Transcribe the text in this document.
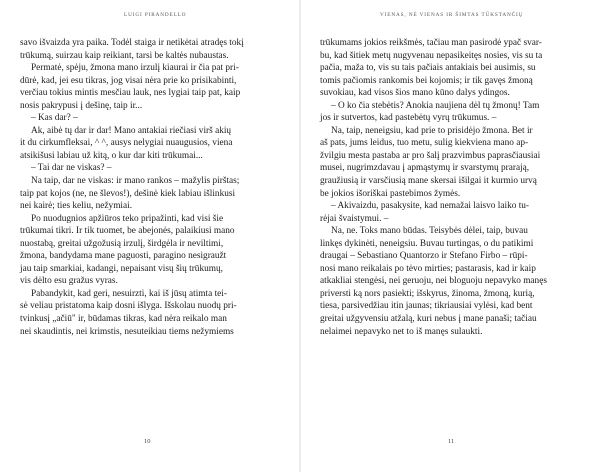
LUIGI PIRANDELLO
savo išvaizda yra paika. Todėl staiga ir netikėtai atradęs tokį
trūkumą, suirzau kaip reikiant, tarsi be kaltės nubaustas.
Permatė, spėju, žmona mano irzulį kiaurai ir čia pat pri-
dūrė, kad, jei esu tikras, jog visai nėra prie ko prisikabinti,
verčiau tokius mintis mesčiau lauk, nes lygiai taip pat, kaip
nosis pakrypusi į dešinę, taip ir...
– Kas dar? –
Ak, aibė tų dar ir dar! Mano antakiai riečiasi virš akių
it du cirkumfleksai, ^ ^, ausys nelygiai nuaugusios, viena
atsikišusi labiau už kitą, o kur dar kiti trūkumai...
– Tai dar ne viskas? –
Na taip, dar ne viskas: ir mano rankos – mažylis pirštas;
taip pat kojos (ne, ne šlevos!), dešinė kiek labiau išlinkusi
nei kairė; ties keliu, nežymiai.
Po nuodugnios apžiūros teko pripažinti, kad visi šie
trūkumai tikri. Ir tik tuomet, be abejonės, palaikiusi mano
nuostabą, greitai užgožusią irzulį, širdgėla ir neviltimi,
žmona, bandydama mane paguosti, paragino nesigraužt
jau taip smarkiai, kadangi, nepaisant visų šių trūkumų,
vis dėlto esu gražus vyras.
Pabandykit, kad geri, nesuirzti, kai iš jūsų atimta tei-
sė veliau pristatoma kaip dosni išlyga. Išskolau nuodų pri-
tvinkusį „ačiū" ir, būdamas tikras, kad nėra reikalo man
nei skaudintis, nei krimstis, nesuteikiau tiems nežymiems
10
VIENAS, NĖ VIENAS IR ŠIMTAS TŪKSTANČIŲ
trūkumams jokios reikšmės, tačiau man pasirodė ypač svar-
bu, kad šitiek metų nugyvenau nepasikeitęs nosies, vis su ta
pačia, maža to, vis su tais pačiais antakiais bei ausimis, su
tomis pačiomis rankomis bei kojomis; ir tik gavęs žmoną
suvokiau, kad visos šios mano kūno dalys ydingos.
– O ko čia stebėtis? Anokia naujiena dėl tų žmonų! Tam
jos ir sutvertos, kad pastebėtų vyrų trūkumus. –
Na, taip, neneigsiu, kad prie to prisidėjo žmona. Bet ir
aš pats, jums leidus, tuo metu, sulig kiekviena mano ap-
žvilgiu mesta pastaba ar pro šalį prazvimbus paprasčiausiai
musei, nugrimzdavau į apmąstymų ir svarstymų prarają,
graužiusią ir varsčiusią mane skersai išilgai it kurmio urvą
be jokios išoriškai pastebimos žymės.
– Akivaizdu, pasakysite, kad nemažai laisvo laiko tu-
rėjai švaistymui. –
Na, ne. Toks mano būdas. Teisybės dėlei, taip, buvau
linkęs dykinėti, neneigsiu. Buvau turtingas, o du patikimi
draugai – Sebastiano Quantorzo ir Stefano Firbo – rūpi-
nosi mano reikalais po tėvo mirties; pastarasis, kad ir kaip
atkakliai stengėsi, nei geruoju, nei bloguoju nepavyko manęs
priversti ką nors pasiekti; išskyrus, žinoma, žmoną, kurią,
tiesa, parsivedžiau itin jaunas; tikriausiai vylėsi, kad bent
greitai užgyvensiu atžalą, kuri nebus į mane panaši; tačiau
nelaimei nepavyko net to iš manęs sulaukti.
11
